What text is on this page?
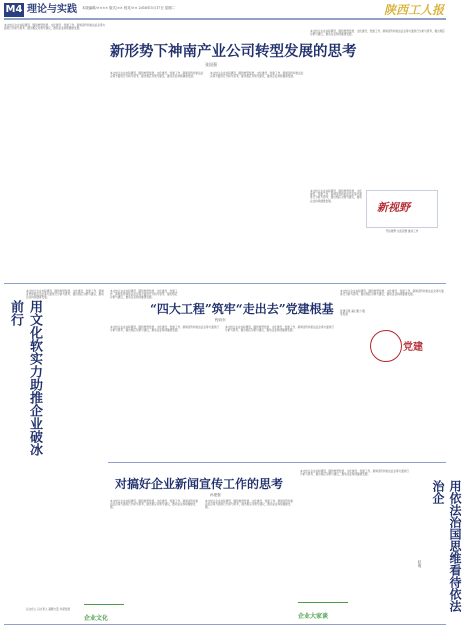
M4 理论与实践 本版编辑/×××× 版式/×× 校对/×× 2016年5月17日 星期二	陕西工人报
新形势下神南产业公司转型发展的思考
张国强
本文结合企业实际情况，围绕转型发展、文化建设、党建工作、新闻宣传和依法治企等方面进行分析与思考，提出相应对策与建议，推动企业持续健康发展。
本文结合企业实际情况，围绕转型发展、文化建设、党建工作、新闻宣传和依法治企等方面进行分析与思考，提出相应对策与建议，推动企业持续健康发展。
本文结合企业实际情况，围绕转型发展、文化建设、党建工作、新闻宣传和依法治企等方面进行分析与思考，提出相应对策与建议，推动企业持续健康发展。
本文结合企业实际情况，围绕转型发展、文化建设、党建工作、新闻宣传和依法治企等方面进行分析与思考，提出相应对策与建议，推动企业持续健康发展。
新视野
开拓视野 交流思想 推动工作
本文结合企业实际情况，围绕转型发展、文化建设、党建工作、新闻宣传和依法治企等方面进行分析与思考，提出相应对策与建议，推动企业持续健康发展。
用文化软实力助推企业破冰前行
本文结合企业实际情况，围绕转型发展、文化建设、党建工作、新闻宣传和依法治企等方面进行分析与思考，提出相应对策与建议，推动企业持续健康发展。
“四大工程”筑牢“走出去”党建根基
程向东
本文结合企业实际情况，围绕转型发展、文化建设、党建工作、新闻宣传和依法治企等方面进行分析与思考，提出相应对策与建议，推动企业持续健康发展。
本文结合企业实际情况，围绕转型发展、文化建设、党建工作、新闻宣传和依法治企等方面进行分析与思考，提出相应对策与建议，推动企业持续健康发展。
本文结合企业实际情况，围绕转型发展、文化建设、党建工作、新闻宣传和依法治企等方面进行分析与思考，提出相应对策与建议，推动企业持续健康发展。
党建
党建引领 凝心聚力 服务发展
本文结合企业实际情况，围绕转型发展、文化建设、党建工作、新闻宣传和依法治企等方面进行分析与思考，提出相应对策与建议，推动企业持续健康发展。
对搞好企业新闻宣传工作的思考
孙建强
本文结合企业实际情况，围绕转型发展、文化建设、党建工作、新闻宣传和依法治企等方面进行分析与思考，提出相应对策与建议，推动企业持续健康发展。
本文结合企业实际情况，围绕转型发展、文化建设、党建工作、新闻宣传和依法治企等方面进行分析与思考，提出相应对策与建议，推动企业持续健康发展。
本文结合企业实际情况，围绕转型发展、文化建设、党建工作、新闻宣传和依法治企等方面进行分析与思考，提出相应对策与建议，推动企业持续健康发展。
用依法治国思维看待依法治企
赵明
企业文化	企业大家谈
以文化人 以文育人 凝聚力量 共谋发展
